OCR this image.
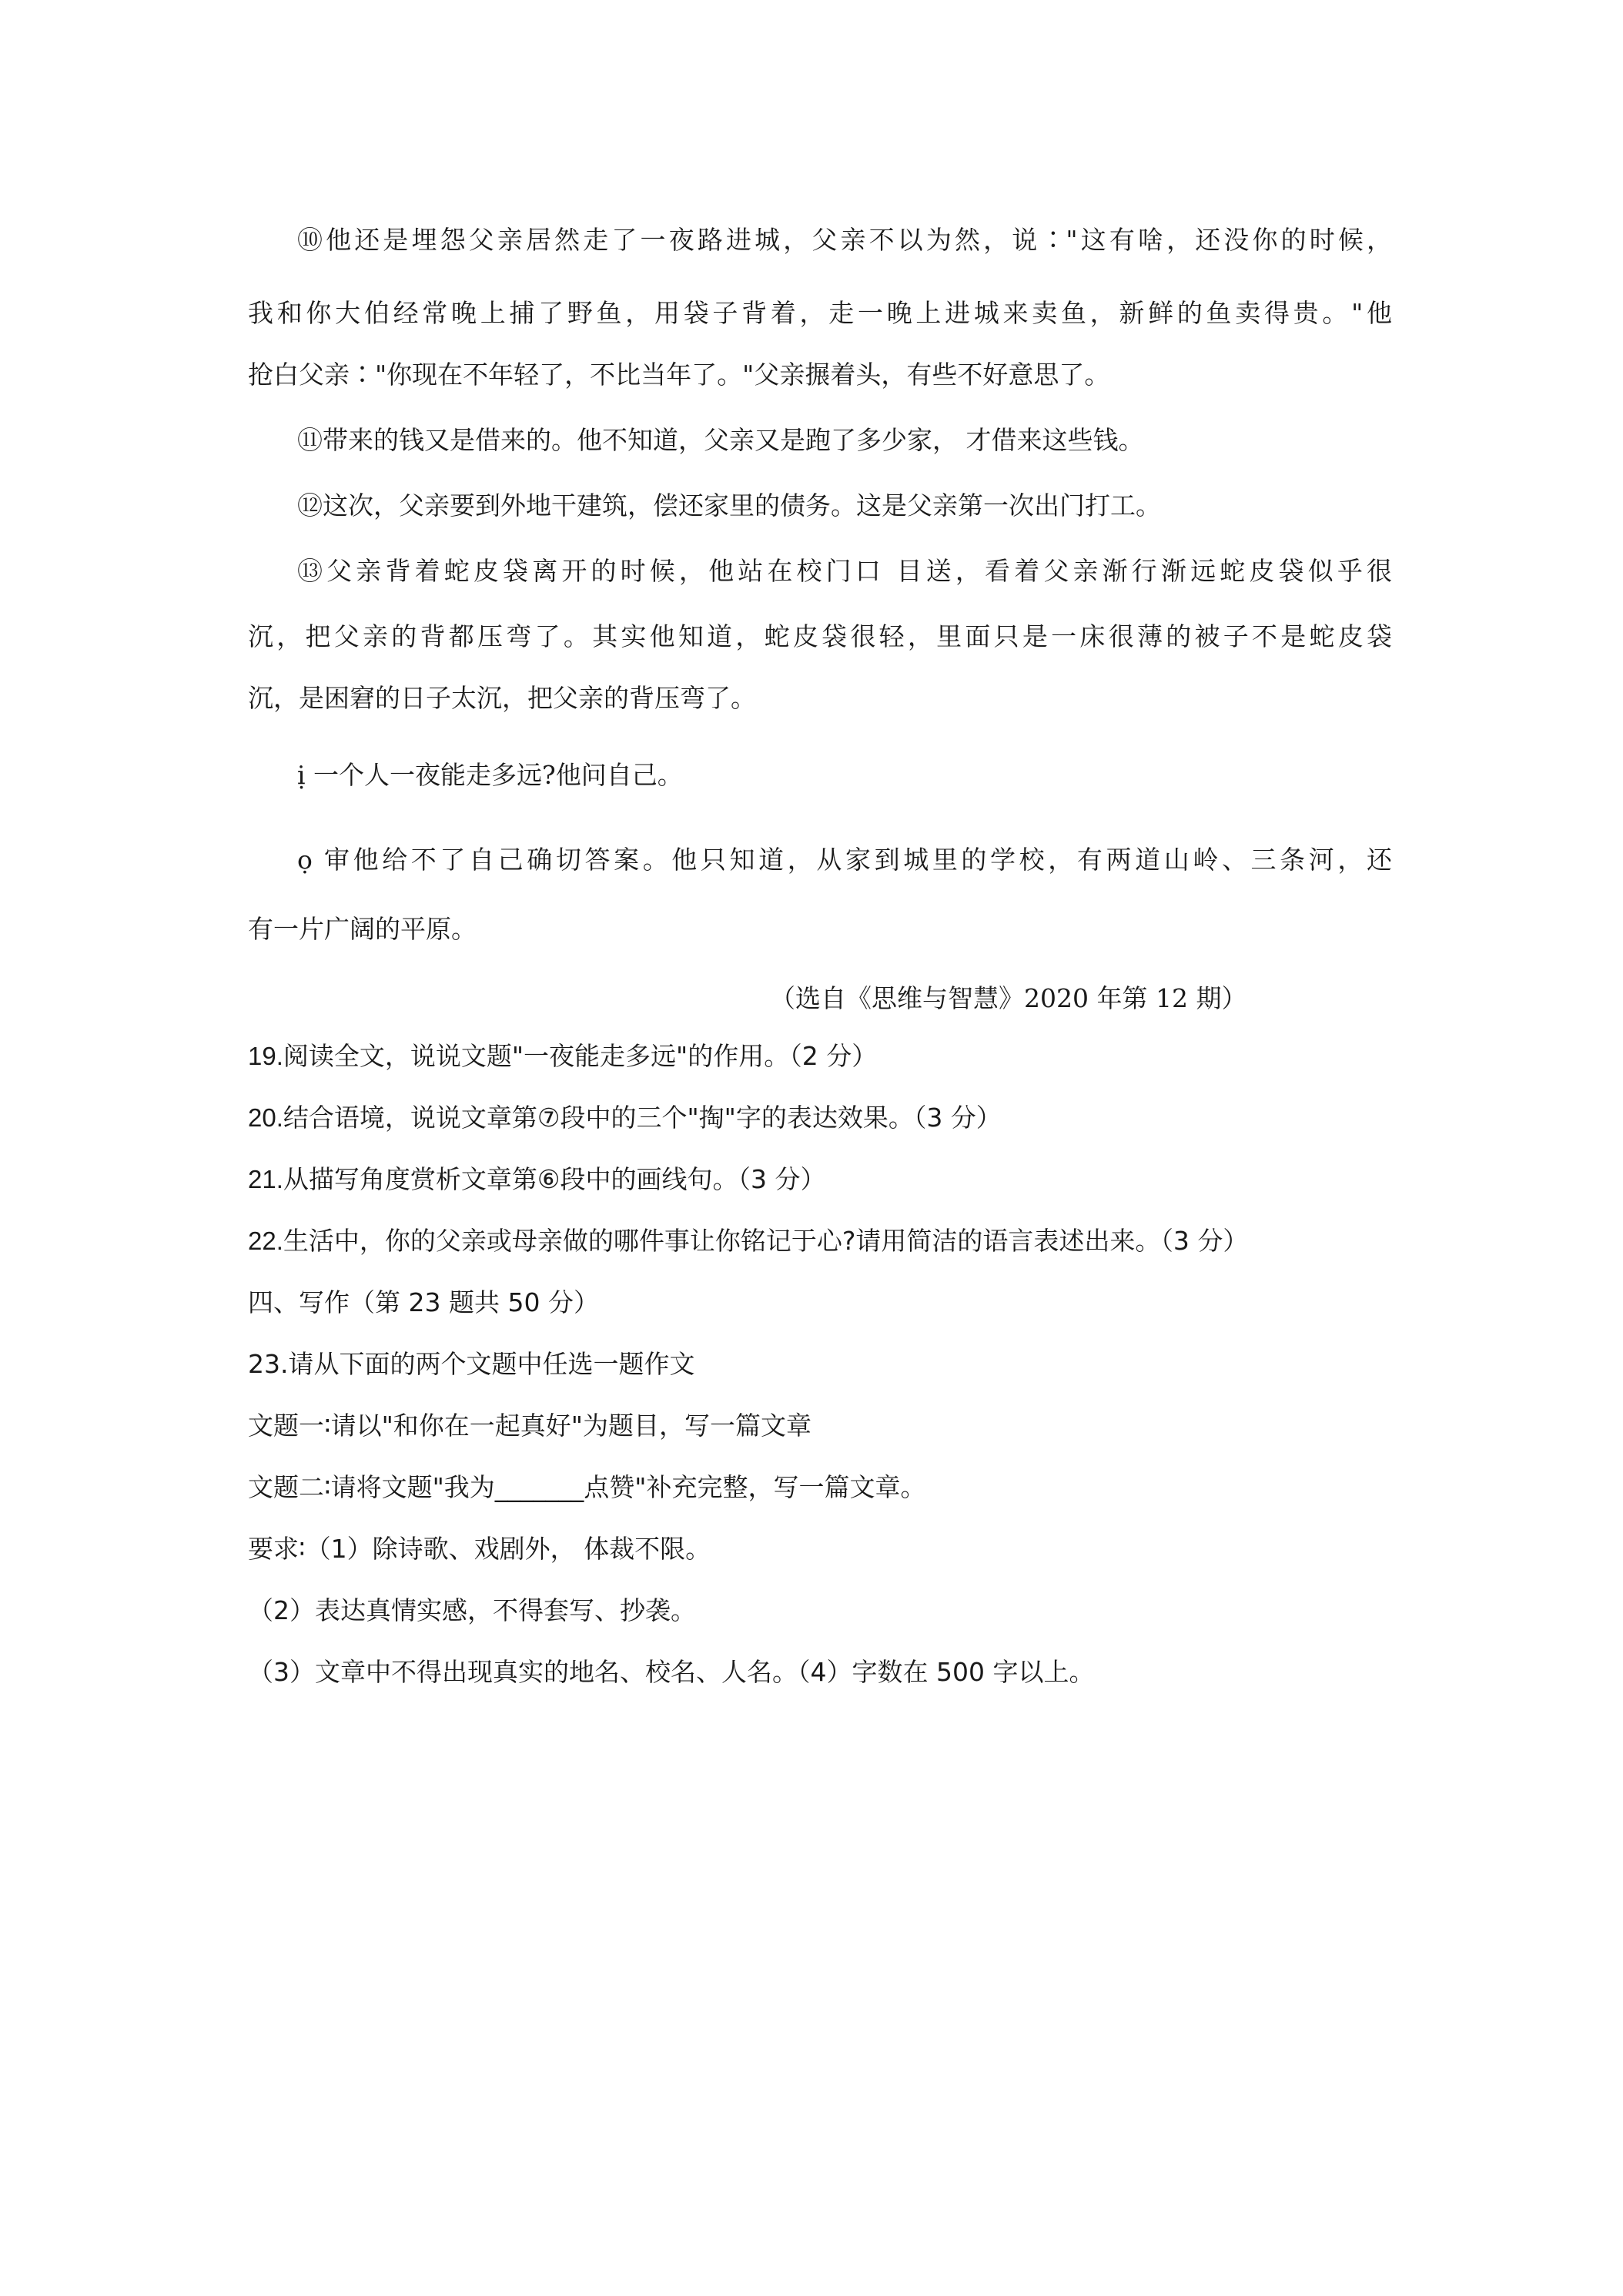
⑩他还是埋怨父亲居然走了一夜路进城，父亲不以为然，说∶"这有啥，还没你的时候，
我和你大伯经常晚上捕了野鱼，用袋子背着，走一晚上进城来卖鱼，新鲜的鱼卖得贵。"他
抢白父亲∶"你现在不年轻了，不比当年了。"父亲搌着头，有些不好意思了。
⑪带来的钱又是借来的。他不知道，父亲又是跑了多少家， 才借来这些钱。
⑫这次，父亲要到外地干建筑，偿还家里的债务。这是父亲第一次出门打工。
⑬父亲背着蛇皮袋离开的时候，他站在校门口 目送，看着父亲渐行渐远蛇皮袋似乎很
沉，把父亲的背都压弯了。其实他知道，蛇皮袋很轻，里面只是一床很薄的被子不是蛇皮袋
沉，是困窘的日子太沉，把父亲的背压弯了。
ị 一个人一夜能走多远?他问自己。
ọ 审他给不了自己确切答案。他只知道，从家到城里的学校，有两道山岭、三条河，还
有一片广阔的平原。
（选自《思维与智慧》2020 年第 12 期）
19.阅读全文，说说文题"一夜能走多远"的作用。（2 分）
20.结合语境，说说文章第⑦段中的三个"掏"字的表达效果。（3 分）
21.从描写角度赏析文章第⑥段中的画线句。（3 分）
22.生活中，你的父亲或母亲做的哪件事让你铭记于心?请用简洁的语言表述出来。（3 分）
四、写作（第 23 题共 50 分）
23.请从下面的两个文题中任选一题作文
文题一∶请以"和你在一起真好"为题目，写一篇文章
文题二∶请将文题"我为_______点赞"补充完整，写一篇文章。
要求∶（1）除诗歌、戏剧外， 体裁不限。
（2）表达真情实感，不得套写、抄袭。
（3）文章中不得出现真实的地名、校名、人名。（4）字数在 500 字以上。
